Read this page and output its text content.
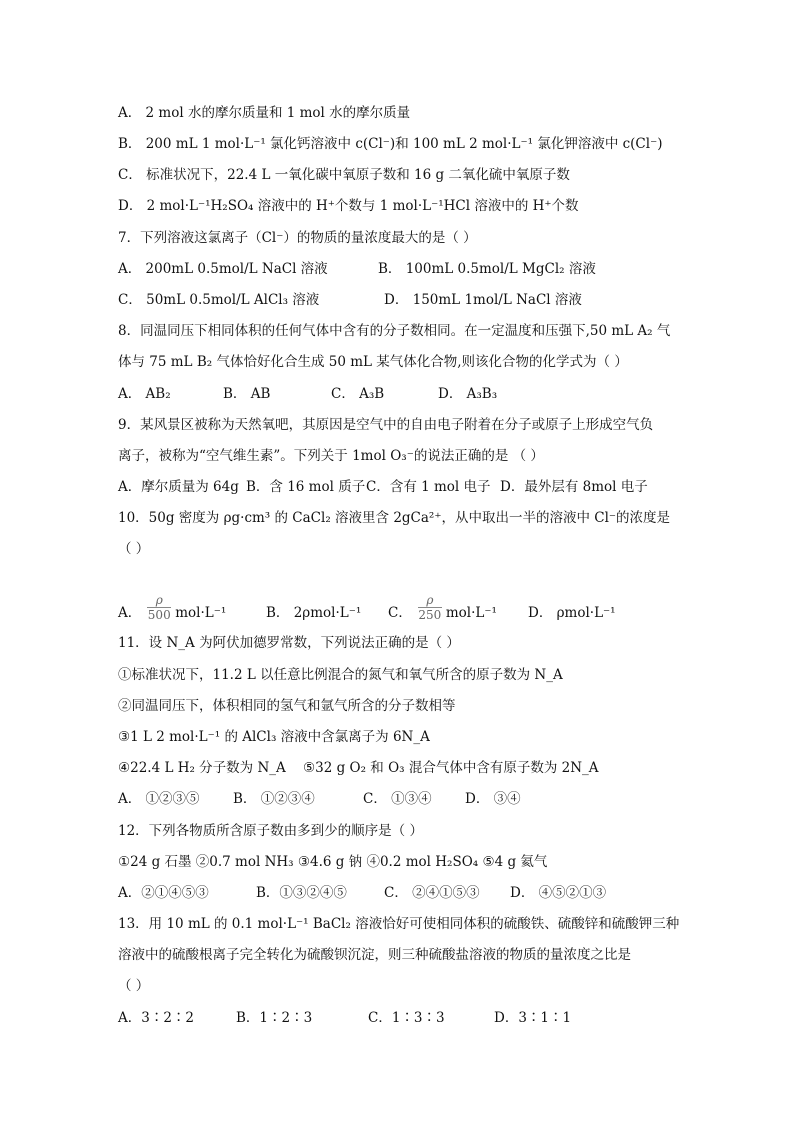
A． 2 mol 水的摩尔质量和 1 mol 水的摩尔质量
B． 200 mL 1 mol·L⁻¹ 氯化钙溶液中 c(Cl⁻)和 100 mL 2 mol·L⁻¹ 氯化钾溶液中 c(Cl⁻)
C． 标准状况下，22.4 L 一氧化碳中氧原子数和 16 g 二氧化硫中氧原子数
D． 2 mol·L⁻¹H₂SO₄ 溶液中的 H⁺个数与 1 mol·L⁻¹HCl 溶液中的 H⁺个数
7．下列溶液这氯离子（Cl⁻）的物质的量浓度最大的是（ ）
A． 200mL 0.5mol/L NaCl 溶液	B． 100mL 0.5mol/L MgCl₂ 溶液
C． 50mL 0.5mol/L AlCl₃ 溶液	D． 150mL 1mol/L NaCl 溶液
8．同温同压下相同体积的任何气体中含有的分子数相同。在一定温度和压强下,50 mL A₂ 气
体与 75 mL B₂ 气体恰好化合生成 50 mL 某气体化合物,则该化合物的化学式为（ ）
A． AB₂	B． AB	C． A₃B	D． A₃B₃
9．某风景区被称为天然氧吧，其原因是空气中的自由电子附着在分子或原子上形成空气负
离子，被称为“空气维生素”。下列关于 1mol O₃⁻的说法正确的是 （ ）
A．摩尔质量为 64g B．含 16 mol 质子C．含有 1 mol 电子 D．最外层有 8mol 电子
10．50g 密度为 ρg·cm³ 的 CaCl₂ 溶液里含 2gCa²⁺，从中取出一半的溶液中 Cl⁻的浓度是
（ ）
A． $\frac{\rho}{500} mol\cdot L^{-1}$	B． 2ρmol·L⁻¹ C． $\frac{\rho}{250} mol\cdot L^{-1}$ D． ρmol·L⁻¹
11．设 N_A 为阿伏加德罗常数，下列说法正确的是（ ）
①标准状况下，11.2 L 以任意比例混合的氮气和氧气所含的原子数为 N_A
②同温同压下，体积相同的氢气和氩气所含的分子数相等
③1 L 2 mol·L⁻¹ 的 AlCl₃ 溶液中含氯离子为 6N_A
④22.4 L H₂ 分子数为 N_A ⑤32 g O₂ 和 O₃ 混合气体中含有原子数为 2N_A
A． ①②③⑤ B． ①②③④	C． ①③④ D． ③④
12．下列各物质所含原子数由多到少的顺序是（ ）
①24 g 石墨 ②0.7 mol NH₃ ③4.6 g 钠 ④0.2 mol H₂SO₄ ⑤4 g 氦气
A．②①④⑤③	B．①③②④⑤	C． ②④①⑤③ D． ④⑤②①③
13．用 10 mL 的 0.1 mol·L⁻¹ BaCl₂ 溶液恰好可使相同体积的硫酸铁、硫酸锌和硫酸钾三种
溶液中的硫酸根离子完全转化为硫酸钡沉淀，则三种硫酸盐溶液的物质的量浓度之比是
（ ）
A．3∶2∶2	B．1∶2∶3	C．1∶3∶3	D．3∶1∶1
